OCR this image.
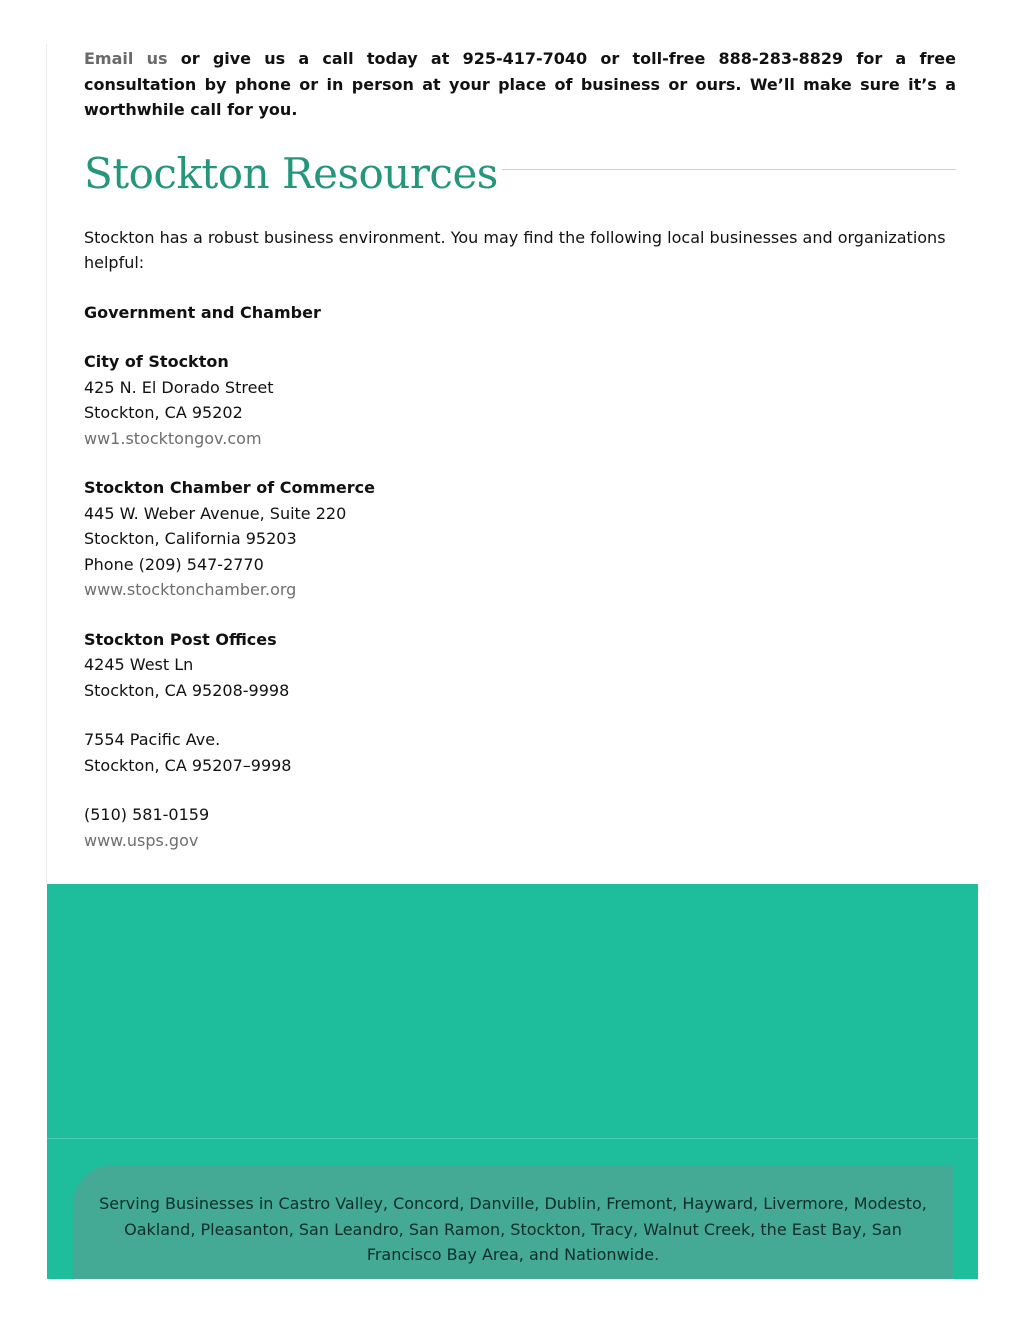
Email us or give us a call today at 925-417-7040 or toll-free 888-283-8829 for a free consultation by phone or in person at your place of business or ours. We’ll make sure it’s a worthwhile call for you.

Stockton Resources

Stockton has a robust business environment. You may find the following local businesses and organizations helpful:

Government and Chamber

City of Stockton

425 N. El Dorado Street

Stockton, CA 95202

ww1.stocktongov.com

Stockton Chamber of Commerce

445 W. Weber Avenue, Suite 220

Stockton, California 95203

Phone (209) 547-2770

www.stocktonchamber.org

Stockton Post Offices

4245 West Ln

Stockton, CA 95208-9998

7554 Pacific Ave.

Stockton, CA 95207–9998

(510) 581-0159

www.usps.gov

Serving Businesses in Castro Valley, Concord, Danville, Dublin, Fremont, Hayward, Livermore, Modesto, Oakland, Pleasanton, San Leandro, San Ramon, Stockton, Tracy, Walnut Creek, the East Bay, San Francisco Bay Area, and Nationwide.
